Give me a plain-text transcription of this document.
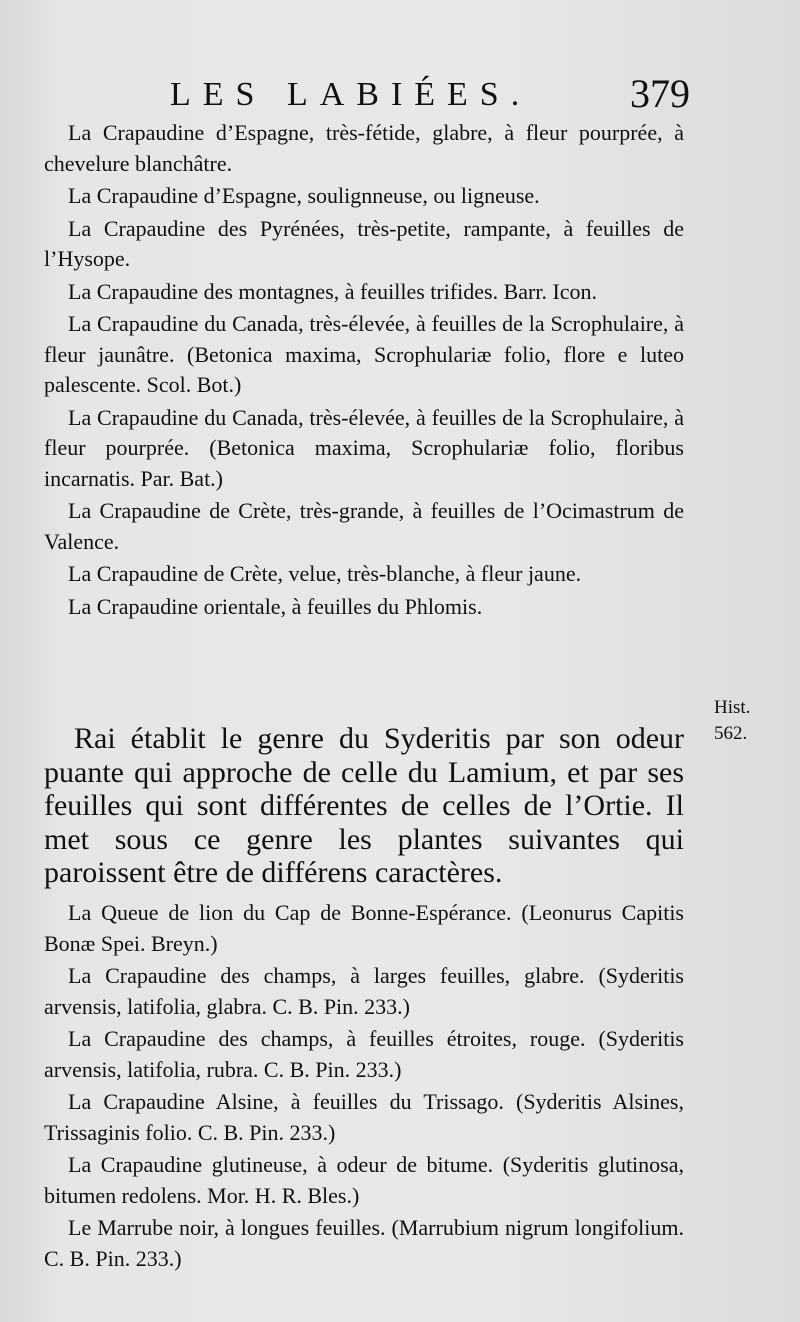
LES LABIÉES. 379

La Crapaudine d’Espagne, très-fétide, glabre, à fleur pourprée, à chevelure blanchâtre.

La Crapaudine d’Espagne, soulignneuse, ou ligneuse.

La Crapaudine des Pyrénées, très-petite, rampante, à feuilles de l’Hysope.

La Crapaudine des montagnes, à feuilles trifides. Barr. Icon.

La Crapaudine du Canada, très-élevée, à feuilles de la Scrophulaire, à fleur jaunâtre. (Betonica maxima, Scrophulariæ folio, flore e luteo palescente. Scol. Bot.)

La Crapaudine du Canada, très-élevée, à feuilles de la Scrophulaire, à fleur pourprée. (Betonica maxima, Scrophulariæ folio, floribus incarnatis. Par. Bat.)

La Crapaudine de Crète, très-grande, à feuilles de l’Ocimastrum de Valence.

La Crapaudine de Crète, velue, très-blanche, à fleur jaune.

La Crapaudine orientale, à feuilles du Phlomis.

Rai établit le genre du Syderitis par son odeur puante qui approche de celle du Lamium, et par ses feuilles qui sont différentes de celles de l’Ortie. Il met sous ce genre les plantes suivantes qui paroissent être de différens caractères.

Hist.
562.

La Queue de lion du Cap de Bonne-Espérance. (Leonurus Capitis Bonæ Spei. Breyn.)

La Crapaudine des champs, à larges feuilles, glabre. (Syderitis arvensis, latifolia, glabra. C. B. Pin. 233.)

La Crapaudine des champs, à feuilles étroites, rouge. (Syderitis arvensis, latifolia, rubra. C. B. Pin. 233.)

La Crapaudine Alsine, à feuilles du Trissago. (Syderitis Alsines, Trissaginis folio. C. B. Pin. 233.)

La Crapaudine glutineuse, à odeur de bitume. (Syderitis glutinosa, bitumen redolens. Mor. H. R. Bles.)

Le Marrube noir, à longues feuilles. (Marrubium nigrum longifolium. C. B. Pin. 233.)
